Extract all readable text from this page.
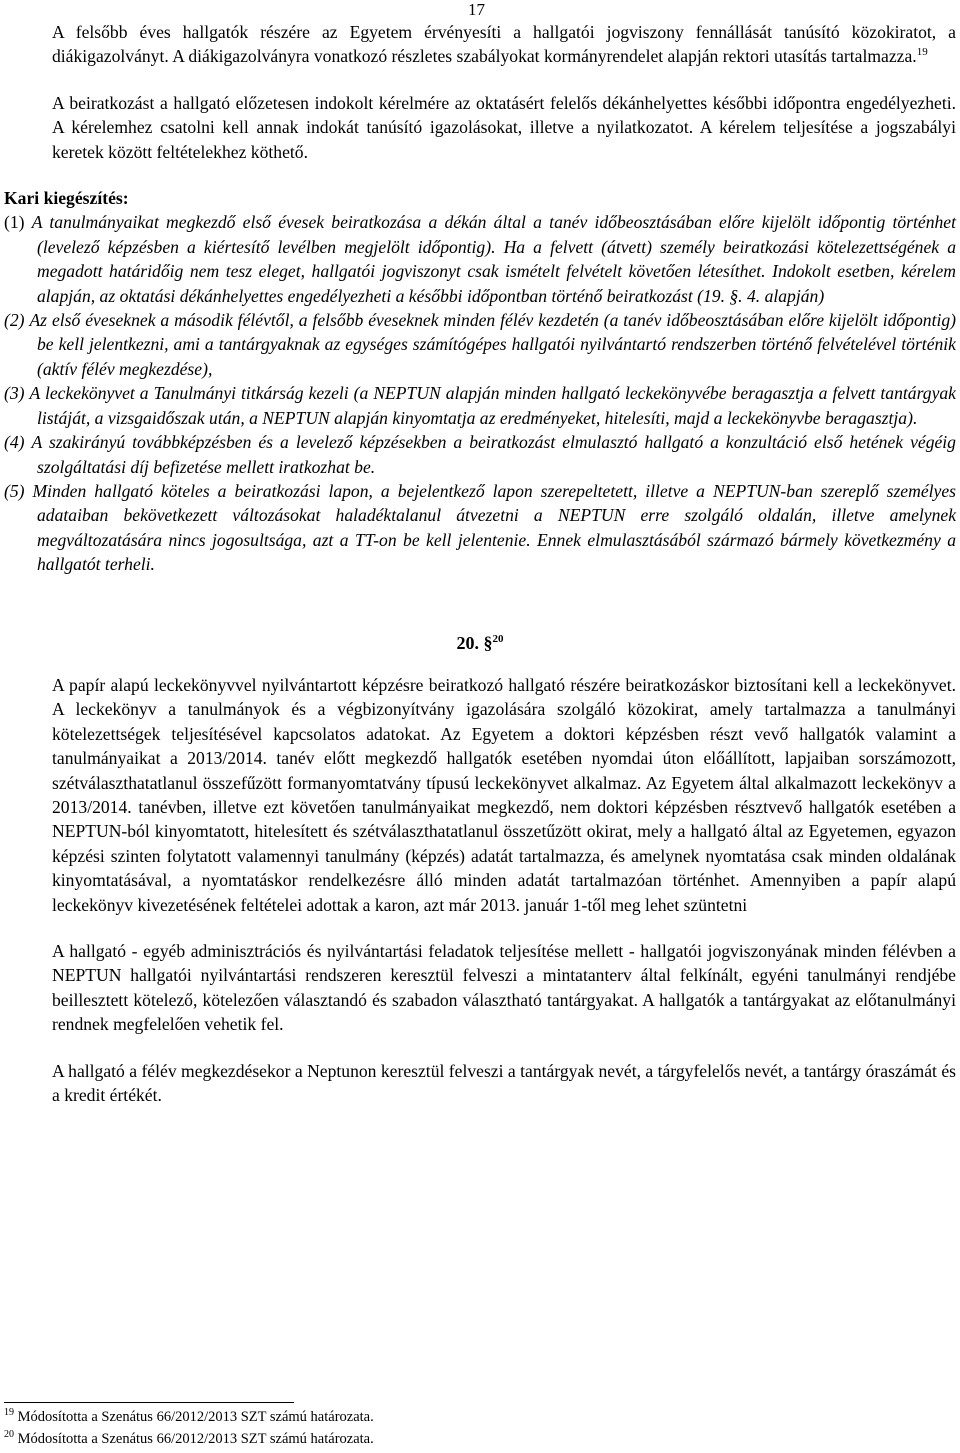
17

A felsőbb éves hallgatók részére az Egyetem érvényesíti a hallgatói jogviszony fennállását tanúsító közokiratot, a diákigazolványt. A diákigazolványra vonatkozó részletes szabályokat kormányrendelet alapján rektori utasítás tartalmazza.$^{19}$

A beiratkozást a hallgató előzetesen indokolt kérelmére az oktatásért felelős dékánhelyettes későbbi időpontra engedélyezheti. A kérelemhez csatolni kell annak indokát tanúsító igazolásokat, illetve a nyilatkozatot. A kérelem teljesítése a jogszabályi keretek között feltételekhez köthető.

Kari kiegészítés:

(1) A tanulmányaikat megkezdő első évesek beiratkozása a dékán által a tanév időbeosztásában előre kijelölt időpontig történhet (levelező képzésben a kiértesítő levélben megjelölt időpontig). Ha a felvett (átvett) személy beiratkozási kötelezettségének a megadott határidőig nem tesz eleget, hallgatói jogviszonyt csak ismételt felvételt követően létesíthet. Indokolt esetben, kérelem alapján, az oktatási dékánhelyettes engedélyezheti a későbbi időpontban történő beiratkozást (19. §. 4. alapján)

(2) Az első éveseknek a második félévtől, a felsőbb éveseknek minden félév kezdetén (a tanév időbeosztásában előre kijelölt időpontig) be kell jelentkezni, ami a tantárgyaknak az egységes számítógépes hallgatói nyilvántartó rendszerben történő felvételével történik (aktív félév megkezdése),

(3) A leckekönyvet a Tanulmányi titkárság kezeli (a NEPTUN alapján minden hallgató leckekönyvébe beragasztja a felvett tantárgyak listáját, a vizsgaidőszak után, a NEPTUN alapján kinyomtatja az eredményeket, hitelesíti, majd a leckekönyvbe beragasztja).

(4) A szakirányú továbbképzésben és a levelező képzésekben a beiratkozást elmulasztó hallgató a konzultáció első hetének végéig szolgáltatási díj befizetése mellett iratkozhat be.

(5) Minden hallgató köteles a beiratkozási lapon, a bejelentkező lapon szerepeltetett, illetve a NEPTUN-ban szereplő személyes adataiban bekövetkezett változásokat haladéktalanul átvezetni a NEPTUN erre szolgáló oldalán, illetve amelynek megváltozatására nincs jogosultsága, azt a TT-on be kell jelentenie. Ennek elmulasztásából származó bármely következmény a hallgatót terheli.

20. §$^{20}$

A papír alapú leckekönyvvel nyilvántartott képzésre beiratkozó hallgató részére beiratkozáskor biztosítani kell a leckekönyvet. A leckekönyv a tanulmányok és a végbizonyítvány igazolására szolgáló közokirat, amely tartalmazza a tanulmányi kötelezettségek teljesítésével kapcsolatos adatokat. Az Egyetem a doktori képzésben részt vevő hallgatók valamint a tanulmányaikat a 2013/2014. tanév előtt megkezdő hallgatók esetében nyomdai úton előállított, lapjaiban sorszámozott, szétválaszthatatlanul összefűzött formanyomtatvány típusú leckekönyvet alkalmaz. Az Egyetem által alkalmazott leckekönyv a 2013/2014. tanévben, illetve ezt követően tanulmányaikat megkezdő, nem doktori képzésben résztvevő hallgatók esetében a NEPTUN-ból kinyomtatott, hitelesített és szétválaszthatatlanul összetűzött okirat, mely a hallgató által az Egyetemen, egyazon képzési szinten folytatott valamennyi tanulmány (képzés) adatát tartalmazza, és amelynek nyomtatása csak minden oldalának kinyomtatásával, a nyomtatáskor rendelkezésre álló minden adatát tartalmazóan történhet. Amennyiben a papír alapú leckekönyv kivezetésének feltételei adottak a karon, azt már 2013. január 1-től meg lehet szüntetni

A hallgató - egyéb adminisztrációs és nyilvántartási feladatok teljesítése mellett - hallgatói jogviszonyának minden félévben a NEPTUN hallgatói nyilvántartási rendszeren keresztül felveszi a mintatanterv által felkínált, egyéni tanulmányi rendjébe beillesztett kötelező, kötelezően választandó és szabadon választható tantárgyakat. A hallgatók a tantárgyakat az előtanulmányi rendnek megfelelően vehetik fel.

A hallgató a félév megkezdésekor a Neptunon keresztül felveszi a tantárgyak nevét, a tárgyfelelős nevét, a tantárgy óraszámát és a kredit értékét.

$^{19}$ Módosította a Szenátus 66/2012/2013 SZT számú határozata.
$^{20}$ Módosította a Szenátus 66/2012/2013 SZT számú határozata.
